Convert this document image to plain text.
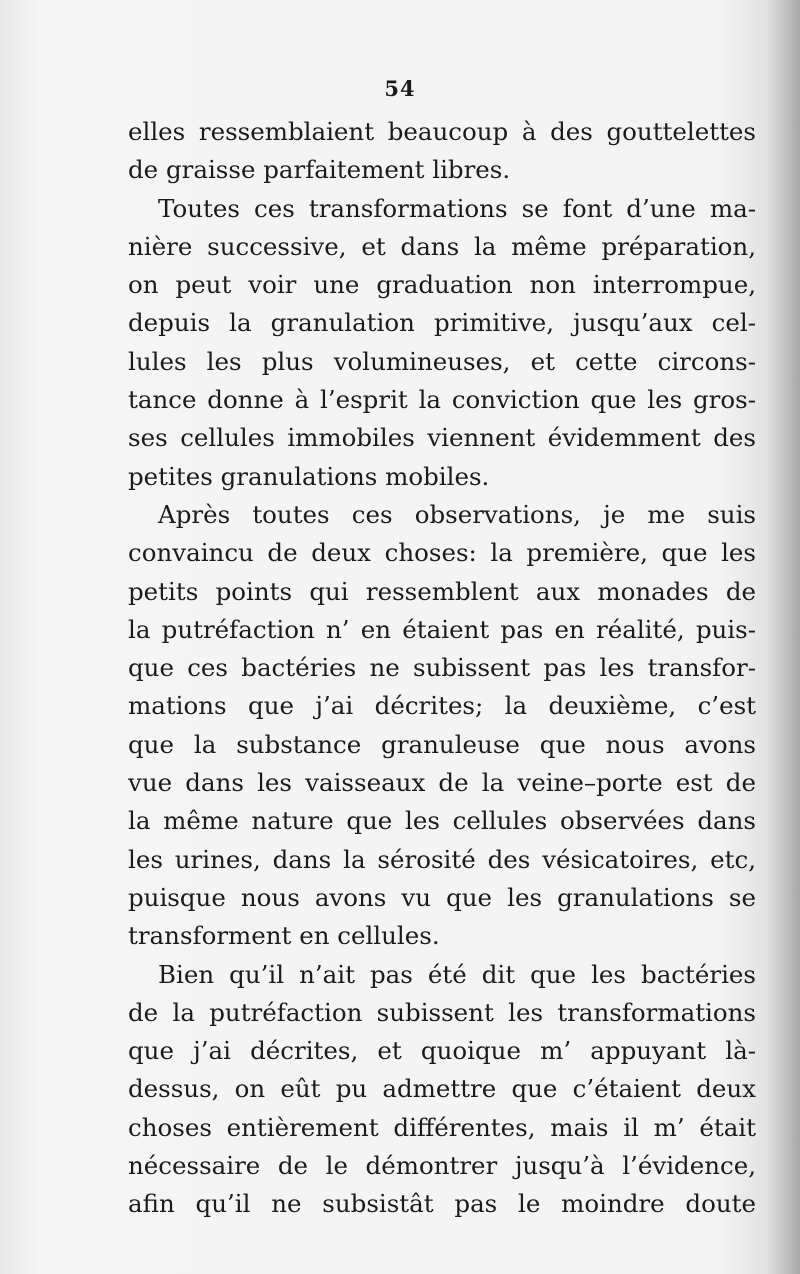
54
elles ressemblaient beaucoup à des gouttelettes
de graisse parfaitement libres.
Toutes ces transformations se font d’une ma-
nière successive, et dans la même préparation,
on peut voir une graduation non interrompue,
depuis la granulation primitive, jusqu’aux cel-
lules les plus volumineuses, et cette circons-
tance donne à l’esprit la conviction que les gros-
ses cellules immobiles viennent évidemment des
petites granulations mobiles.
Après toutes ces observations, je me suis
convaincu de deux choses: la première, que les
petits points qui ressemblent aux monades de
la putréfaction n’ en étaient pas en réalité, puis-
que ces bactéries ne subissent pas les transfor-
mations que j’ai décrites; la deuxième, c’est
que la substance granuleuse que nous avons
vue dans les vaisseaux de la veine–porte est de
la même nature que les cellules observées dans
les urines, dans la sérosité des vésicatoires, etc,
puisque nous avons vu que les granulations se
transforment en cellules.
Bien qu’il n’ait pas été dit que les bactéries
de la putréfaction subissent les transformations
que j’ai décrites, et quoique m’ appuyant là-
dessus, on eût pu admettre que c’étaient deux
choses entièrement différentes, mais il m’ était
nécessaire de le démontrer jusqu’à l’évidence,
afin qu’il ne subsistât pas le moindre doute
